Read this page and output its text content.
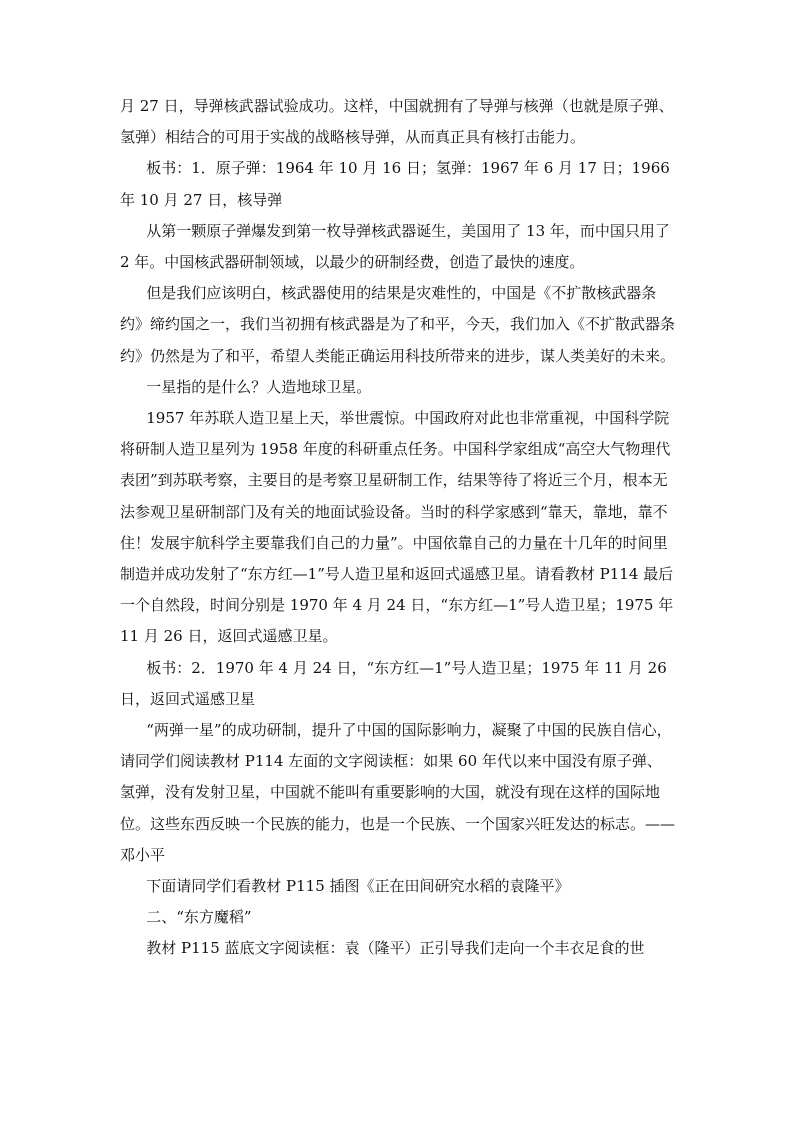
月 27 日，导弹核武器试验成功。这样，中国就拥有了导弹与核弹（也就是原子弹、氢弹）相结合的可用于实战的战略核导弹，从而真正具有核打击能力。

板书：1．原子弹：1964 年 10 月 16 日；氢弹：1967 年 6 月 17 日；1966 年 10 月 27 日，核导弹

从第一颗原子弹爆发到第一枚导弹核武器诞生，美国用了 13 年，而中国只用了 2 年。中国核武器研制领域，以最少的研制经费，创造了最快的速度。

但是我们应该明白，核武器使用的结果是灾难性的，中国是《不扩散核武器条约》缔约国之一，我们当初拥有核武器是为了和平，今天，我们加入《不扩散武器条约》仍然是为了和平，希望人类能正确运用科技所带来的进步，谋人类美好的未来。

一星指的是什么？人造地球卫星。

1957 年苏联人造卫星上天，举世震惊。中国政府对此也非常重视，中国科学院将研制人造卫星列为 1958 年度的科研重点任务。中国科学家组成“高空大气物理代表团”到苏联考察，主要目的是考察卫星研制工作，结果等待了将近三个月，根本无法参观卫星研制部门及有关的地面试验设备。当时的科学家感到“靠天，靠地，靠不住！发展宇航科学主要靠我们自己的力量”。中国依靠自己的力量在十几年的时间里制造并成功发射了“东方红—1”号人造卫星和返回式遥感卫星。请看教材 P114 最后一个自然段，时间分别是 1970 年 4 月 24 日，“东方红—1”号人造卫星；1975 年 11 月 26 日，返回式遥感卫星。

板书：2．1970 年 4 月 24 日，“东方红—1”号人造卫星；1975 年 11 月 26 日，返回式遥感卫星

“两弹一星”的成功研制，提升了中国的国际影响力，凝聚了中国的民族自信心，请同学们阅读教材 P114 左面的文字阅读框：如果 60 年代以来中国没有原子弹、氢弹，没有发射卫星，中国就不能叫有重要影响的大国，就没有现在这样的国际地位。这些东西反映一个民族的能力，也是一个民族、一个国家兴旺发达的标志。——邓小平

下面请同学们看教材 P115 插图《正在田间研究水稻的袁隆平》

二、“东方魔稻”

教材 P115 蓝底文字阅读框：袁（隆平）正引导我们走向一个丰衣足食的世
